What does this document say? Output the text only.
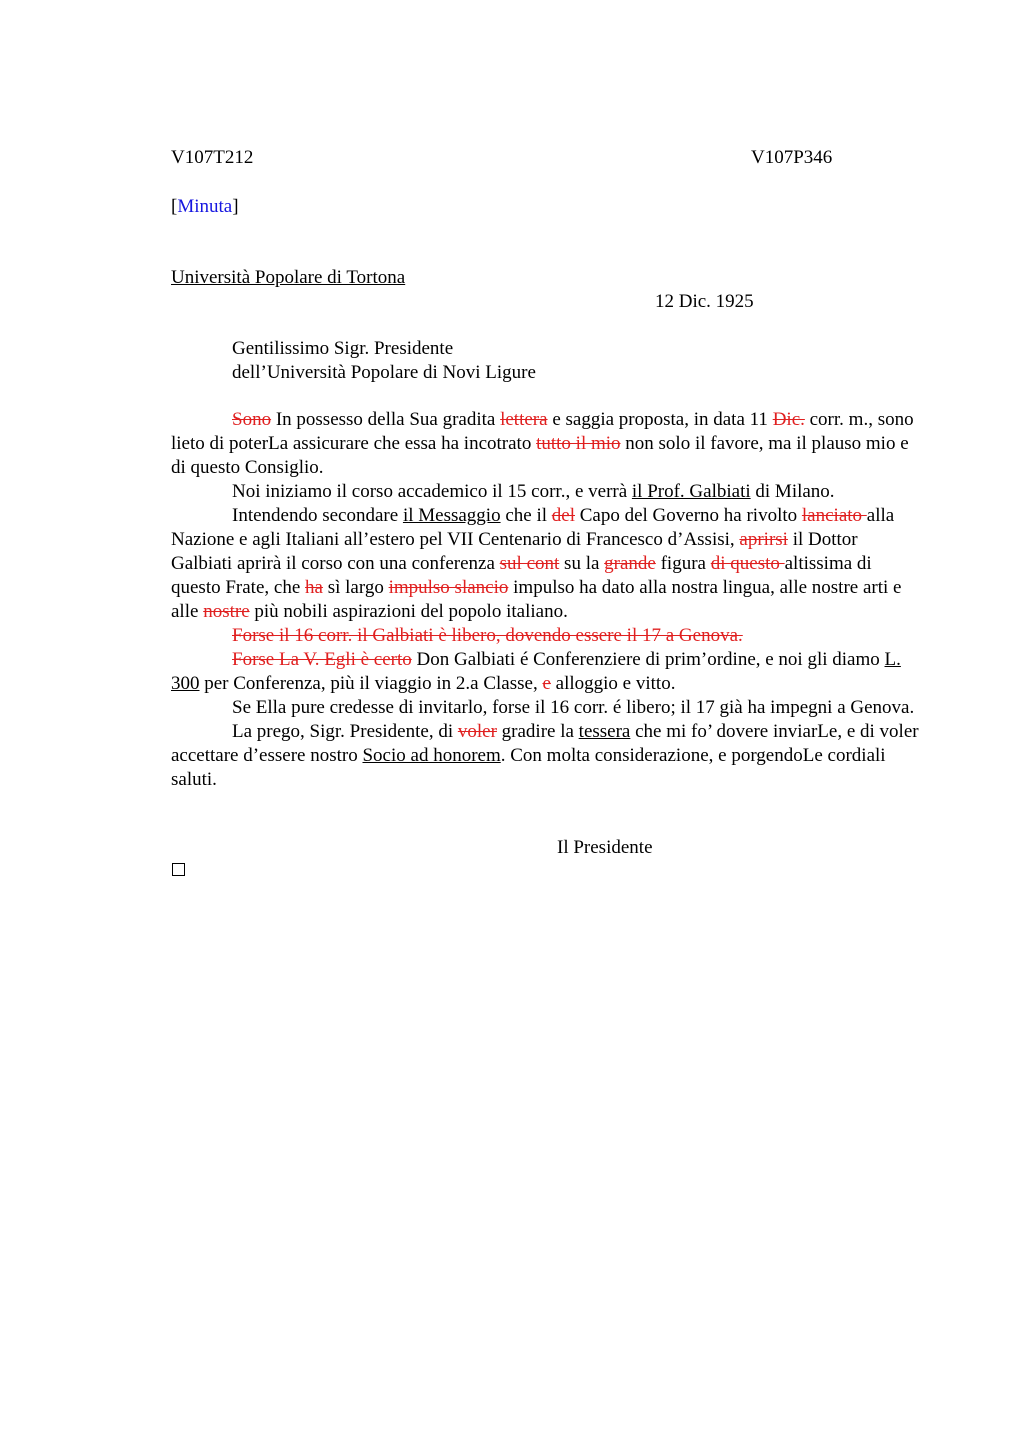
V107T212	V107P346
[Minuta]
Università Popolare di Tortona
12 Dic. 1925
Gentilissimo Sigr. Presidente
dell’Università Popolare di Novi Ligure

Sono In possesso della Sua gradita lettera e saggia proposta, in data 11 Dic. corr. m., sono lieto di poterLa assicurare che essa ha incotrato tutto il mio non solo il favore, ma il plauso mio e di questo Consiglio.

Noi iniziamo il corso accademico il 15 corr., e verrà il Prof. Galbiati di Milano.

Intendendo secondare il Messaggio che il del Capo del Governo ha rivolto lanciato alla Nazione e agli Italiani all’estero pel VII Centenario di Francesco d’Assisi, aprirsi il Dottor Galbiati aprirà il corso con una conferenza sul cont su la grande figura di questo altissima di questo Frate, che ha sì largo impulso slancio impulso ha dato alla nostra lingua, alle nostre arti e alle nostre più nobili aspirazioni del popolo italiano.

Forse il 16 corr. il Galbiati è libero, dovendo essere il 17 a Genova.

Forse La V. Egli è certo Don Galbiati é Conferenziere di prim’ordine, e noi gli diamo L. 300 per Conferenza, più il viaggio in 2.a Classe, e alloggio e vitto.

Se Ella pure credesse di invitarlo, forse il 16 corr. é libero; il 17 già ha impegni a Genova.

La prego, Sigr. Presidente, di voler gradire la tessera che mi fo’ dovere inviarLe, e di voler accettare d’essere nostro Socio ad honorem. Con molta considerazione, e porgendoLe cordiali saluti.

Il Presidente
